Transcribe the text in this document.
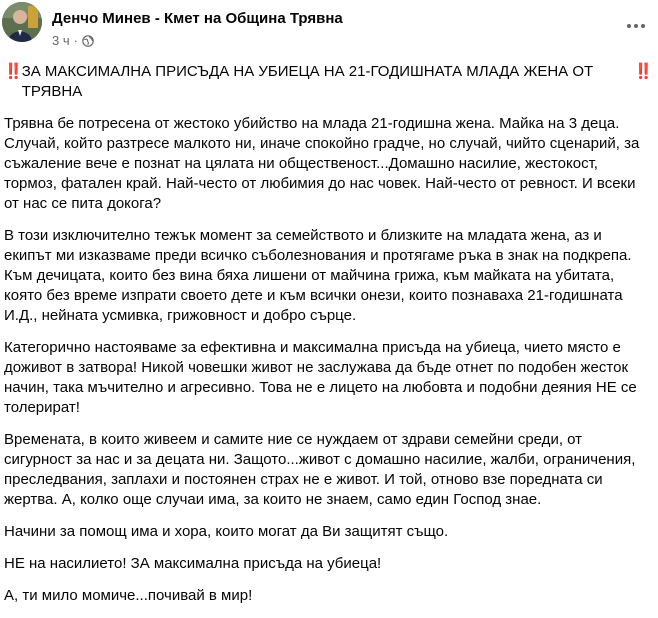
Денчо Минев - Кмет на Община Трявна
3 ч ·

‼️ ЗА МАКСИМАЛНА ПРИСЪДА НА УБИЕЦА НА 21-ГОДИШНАТА МЛАДА ЖЕНА ОТ ТРЯВНА
‼️

Трявна бе потресена от жестоко убийство на млада 21-годишна жена. Майка на 3 деца. Случай, който разтресе малкото ни, иначе спокойно градче, но случай, чийто сценарий, за съжаление вече е познат на цялата ни общественост...Домашно насилие, жестокост, тормоз, фатален край. Най-често от любимия до нас човек. Най-често от ревност. И всеки от нас се пита докога?

В този изключително тежък момент за семейството и близките на младата жена, аз и екипът ми изказваме преди всичко съболезнования и протягаме ръка в знак на подкрепа. Към дечицата, които без вина бяха лишени от майчина грижа, към майката на убитата, която без време изпрати своето дете и към всички онези, които познаваха 21-годишната И.Д., нейната усмивка, грижовност и добро сърце.

Категорично настояваме за ефективна и максимална присъда на убиеца, чието място е доживот в затвора! Никой човешки живот не заслужава да бъде отнет по подобен жесток начин, така мъчително и агресивно. Това не е лицето на любовта и подобни деяния НЕ се толерират!

Времената, в които живеем и самите ние се нуждаем от здрави семейни среди, от сигурност за нас и за децата ни. Защото...живот с домашно насилие, жалби, ограничения, преследвания, заплахи и постоянен страх не е живот. И той, отново взе поредната си жертва. А, колко още случаи има, за които не знаем, само един Господ знае.

Начини за помощ има и хора, които могат да Ви защитят също.

НЕ на насилието! ЗА максимална присъда на убиеца!

А, ти мило момиче...почивай в мир!
